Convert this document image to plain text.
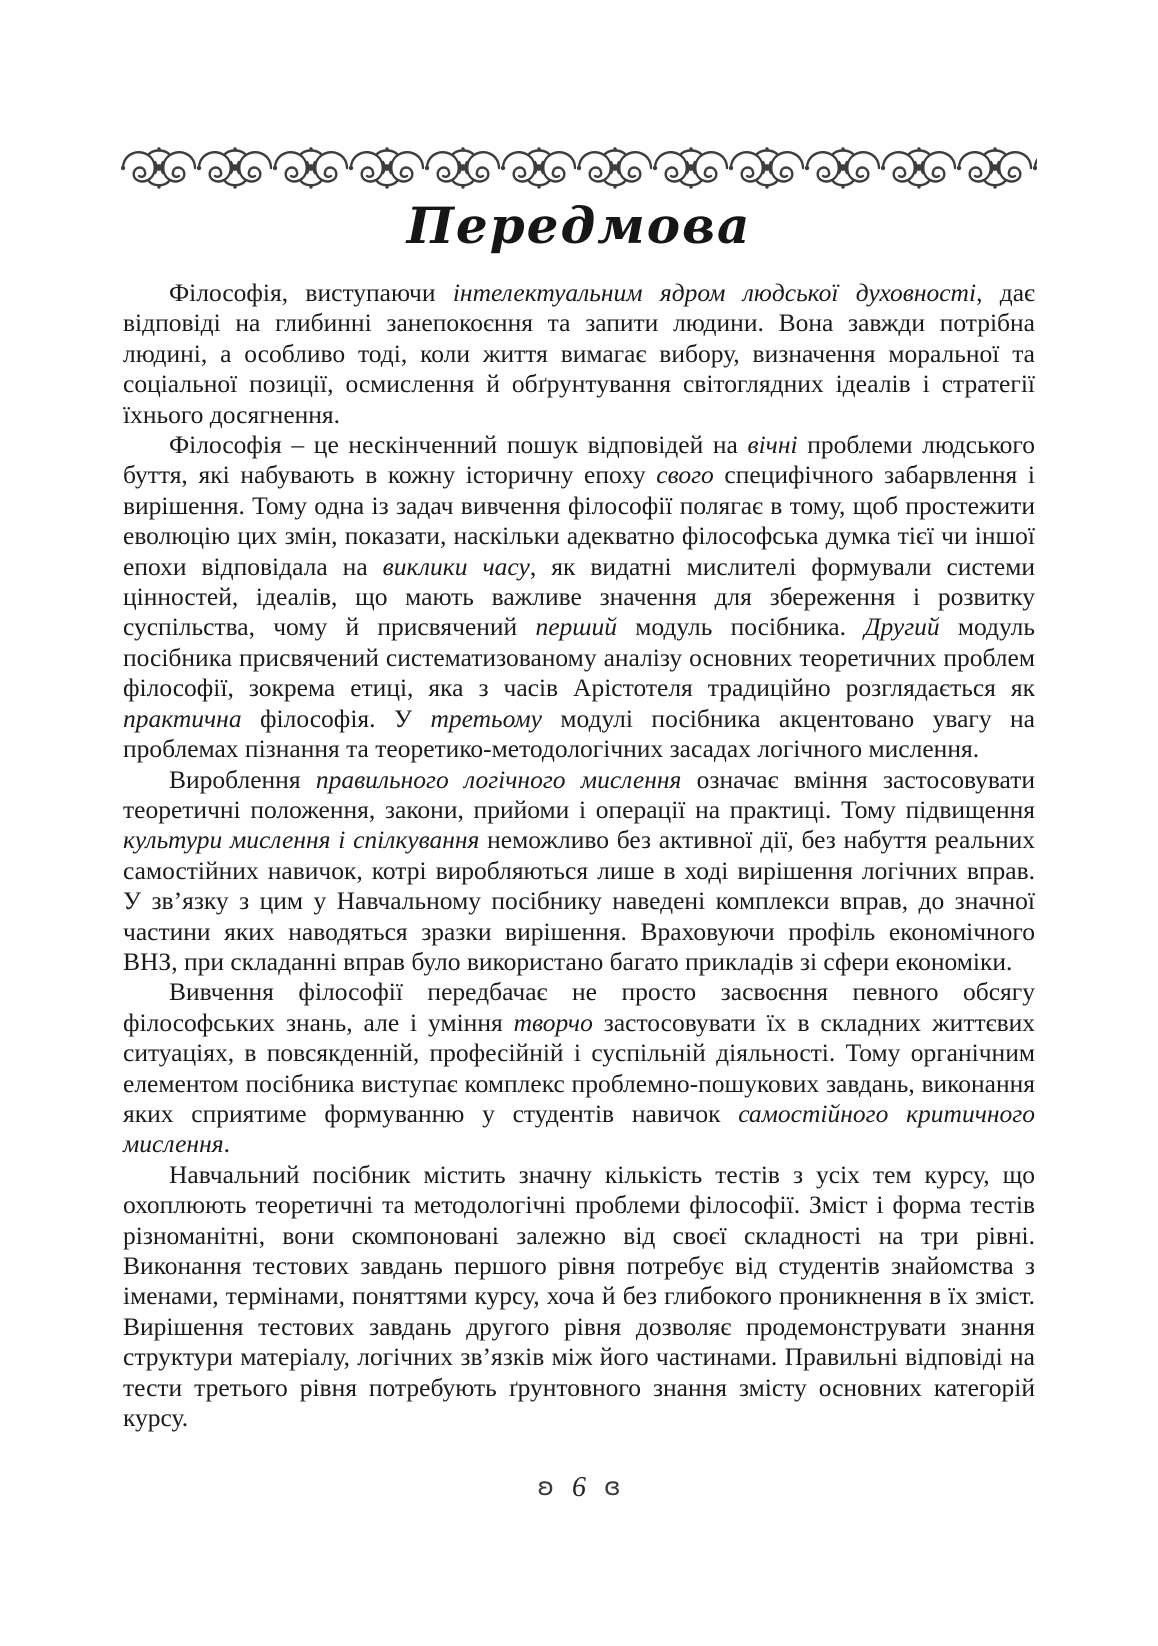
Передмова

Філософія, виступаючи інтелектуальним ядром людської духовності, дає відповіді на глибинні занепокоєння та запити людини. Вона завжди потрібна людині, а особливо тоді, коли життя вимагає вибору, визначення моральної та соціальної позиції, осмислення й обґрунтування світоглядних ідеалів і стратегії їхнього досягнення.

Філософія – це нескінченний пошук відповідей на вічні проблеми людського буття, які набувають в кожну історичну епоху свого специфічного забарвлення і вирішення. Тому одна із задач вивчення філософії полягає в тому, щоб простежити еволюцію цих змін, показати, наскільки адекватно філософська думка тієї чи іншої епохи відповідала на виклики часу, як видатні мислителі формували системи цінностей, ідеалів, що мають важливе значення для збереження і розвитку суспільства, чому й присвячений перший модуль посібника. Другий модуль посібника присвячений систематизованому аналізу основних теоретичних проблем філософії, зокрема етиці, яка з часів Арістотеля традиційно розглядається як практична філософія. У третьому модулі посібника акцентовано увагу на проблемах пізнання та теоретико-методологічних засадах логічного мислення.

Вироблення правильного логічного мислення означає вміння застосовувати теоретичні положення, закони, прийоми і операції на практиці. Тому підвищення культури мислення і спілкування неможливо без активної дії, без набуття реальних самостійних навичок, котрі виробляються лише в ході вирішення логічних вправ. У зв’язку з цим у Навчальному посібнику наведені комплекси вправ, до значної частини яких наводяться зразки вирішення. Враховуючи профіль економічного ВНЗ, при складанні вправ було використано багато прикладів зі сфери економіки.

Вивчення філософії передбачає не просто засвоєння певного обсягу філософських знань, але і уміння творчо застосовувати їх в складних життєвих ситуаціях, в повсякденній, професійній і суспільній діяльності. Тому органічним елементом посібника виступає комплекс проблемно-пошукових завдань, виконання яких сприятиме формуванню у студентів навичок самостійного критичного мислення.

Навчальний посібник містить значну кількість тестів з усіх тем курсу, що охоплюють теоретичні та методологічні проблеми філософії. Зміст і форма тестів різноманітні, вони скомпоновані залежно від своєї складності на три рівні. Виконання тестових завдань першого рівня потребує від студентів знайомства з іменами, термінами, поняттями курсу, хоча й без глибокого проникнення в їх зміст. Вирішення тестових завдань другого рівня дозволяє продемонструвати знання структури матеріалу, логічних зв’язків між його частинами. Правильні відповіді на тести третього рівня потребують ґрунтовного знання змісту основних категорій курсу.

ʚ 6 ɞ
